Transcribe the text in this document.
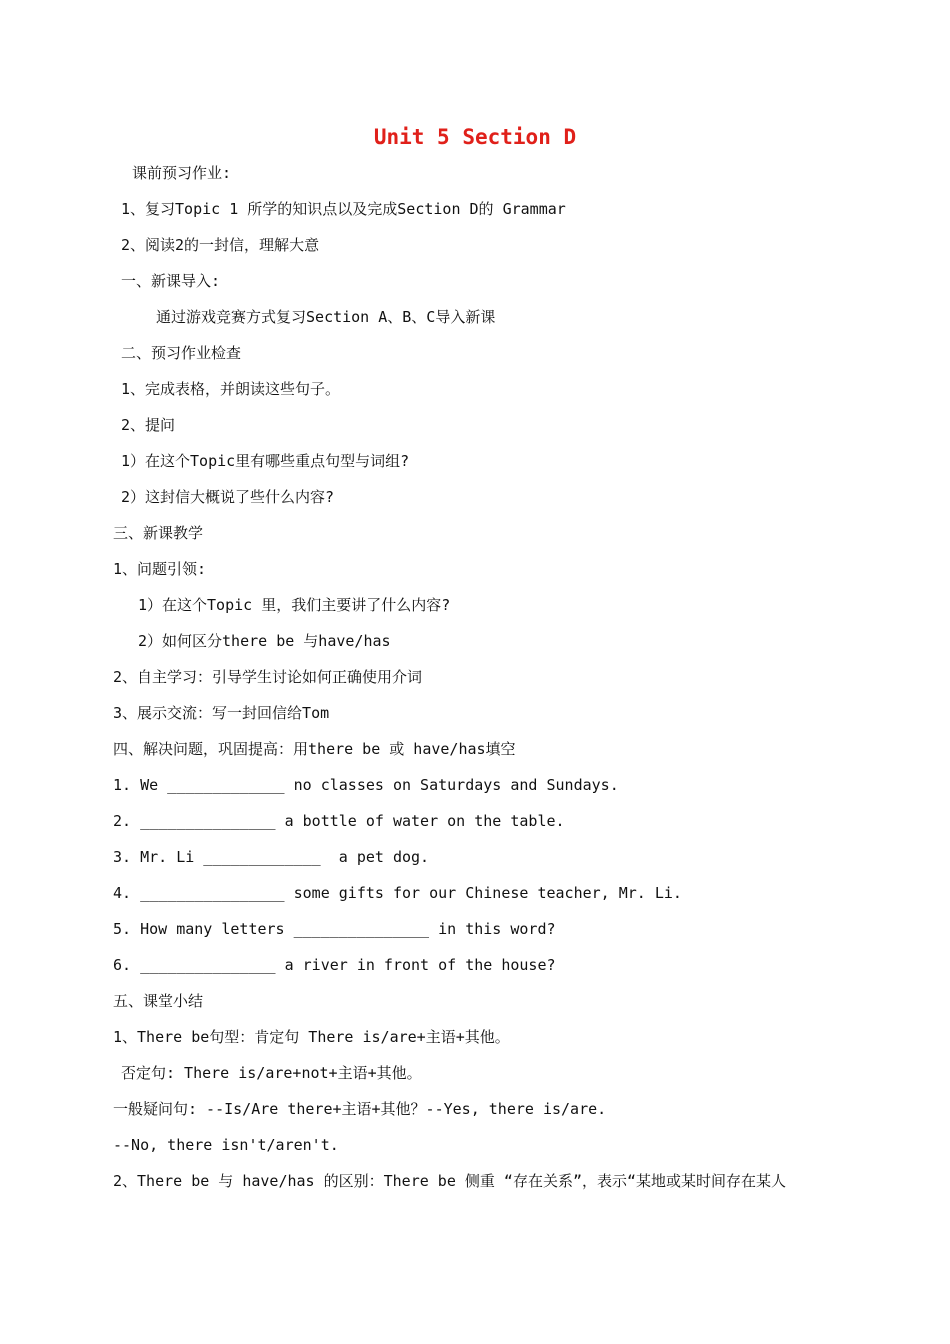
Unit 5 Section D
课前预习作业:
1、复习Topic 1 所学的知识点以及完成Section D的 Grammar
2、阅读2的一封信，理解大意
一、新课导入:
通过游戏竞赛方式复习Section A、B、C导入新课
二、预习作业检查
1、完成表格，并朗读这些句子。
2、提问
1）在这个Topic里有哪些重点句型与词组?
2）这封信大概说了些什么内容?
三、新课教学
1、问题引领:
1）在这个Topic 里，我们主要讲了什么内容?
2）如何区分there be 与have/has
2、自主学习：引导学生讨论如何正确使用介词
3、展示交流：写一封回信给Tom
四、解决问题，巩固提高：用there be 或 have/has填空
1. We _____________ no classes on Saturdays and Sundays.
2. _______________ a bottle of water on the table.
3. Mr. Li _____________  a pet dog.
4. ________________ some gifts for our Chinese teacher, Mr. Li.
5. How many letters _______________ in this word?
6. _______________ a river in front of the house?
五、课堂小结
1、There be句型：肯定句 There is/are+主语+其他。
否定句: There is/are+not+主语+其他。
一般疑问句: --Is/Are there+主语+其他？--Yes, there is/are.
--No, there isn't/aren't.
2、There be 与 have/has 的区别：There be 侧重 “存在关系”，表示“某地或某时间存在某人
